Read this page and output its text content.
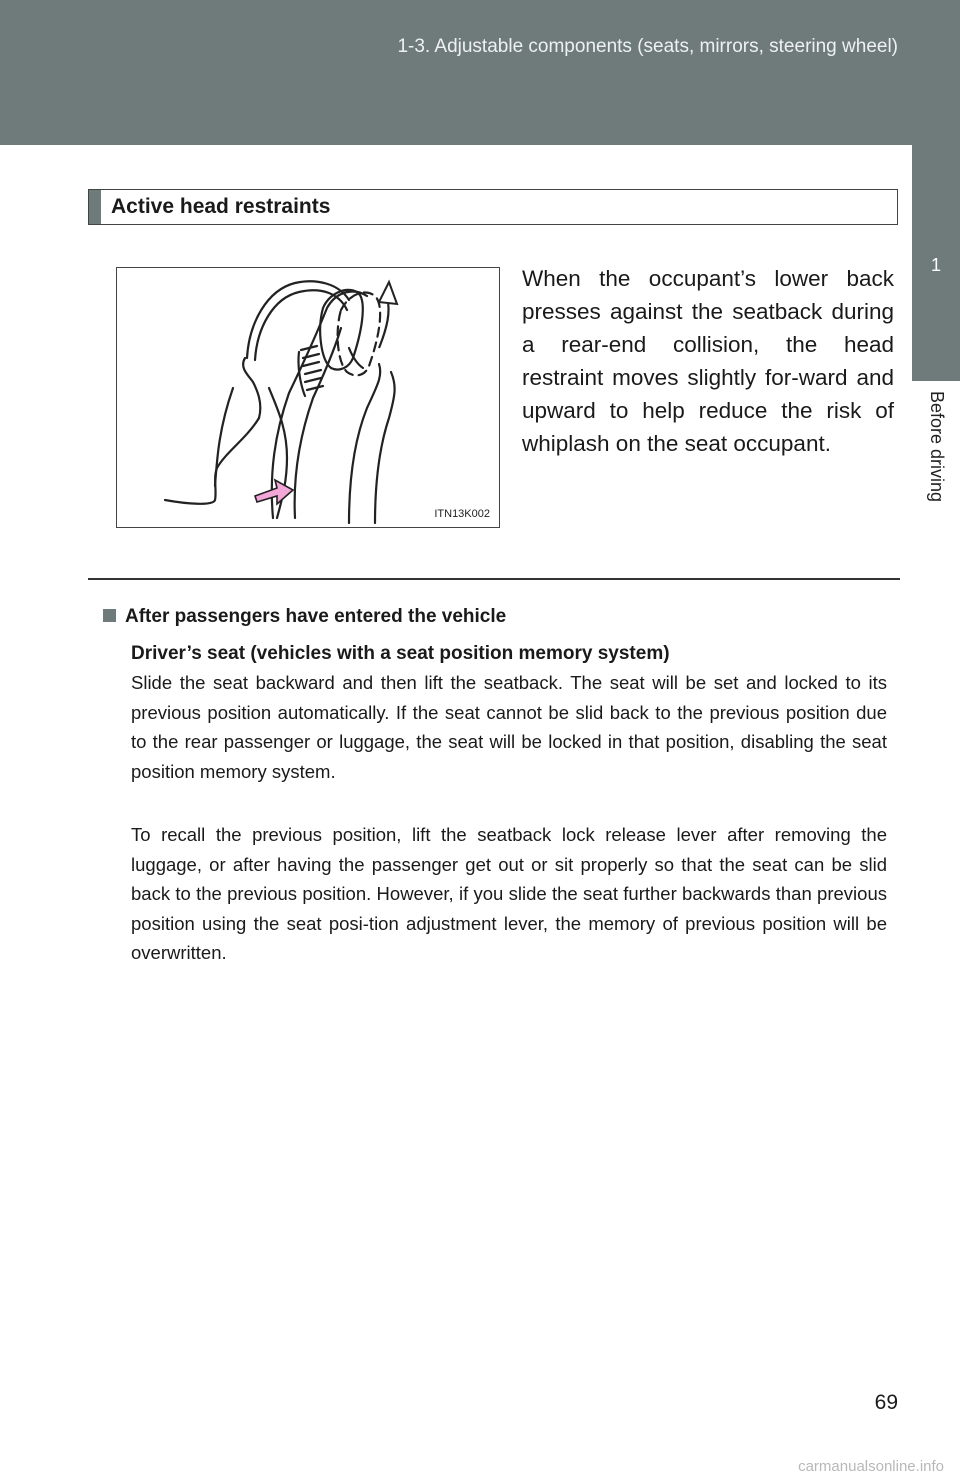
1-3. Adjustable components (seats, mirrors, steering wheel)
1
Before driving
Active head restraints
ITN13K002
When the occupant’s lower back presses against the seatback during a rear-end collision, the head restraint moves slightly for-ward and upward to help reduce the risk of whiplash on the seat occupant.
After passengers have entered the vehicle
Driver’s seat (vehicles with a seat position memory system)
Slide the seat backward and then lift the seatback. The seat will be set and locked to its previous position automatically. If the seat cannot be slid back to the previous position due to the rear passenger or luggage, the seat will be locked in that position, disabling the seat position memory system.
To recall the previous position, lift the seatback lock release lever after removing the luggage, or after having the passenger get out or sit properly so that the seat can be slid back to the previous position. However, if you slide the seat further backwards than previous position using the seat posi-tion adjustment lever, the memory of previous position will be overwritten.
69
carmanualsonline.info
